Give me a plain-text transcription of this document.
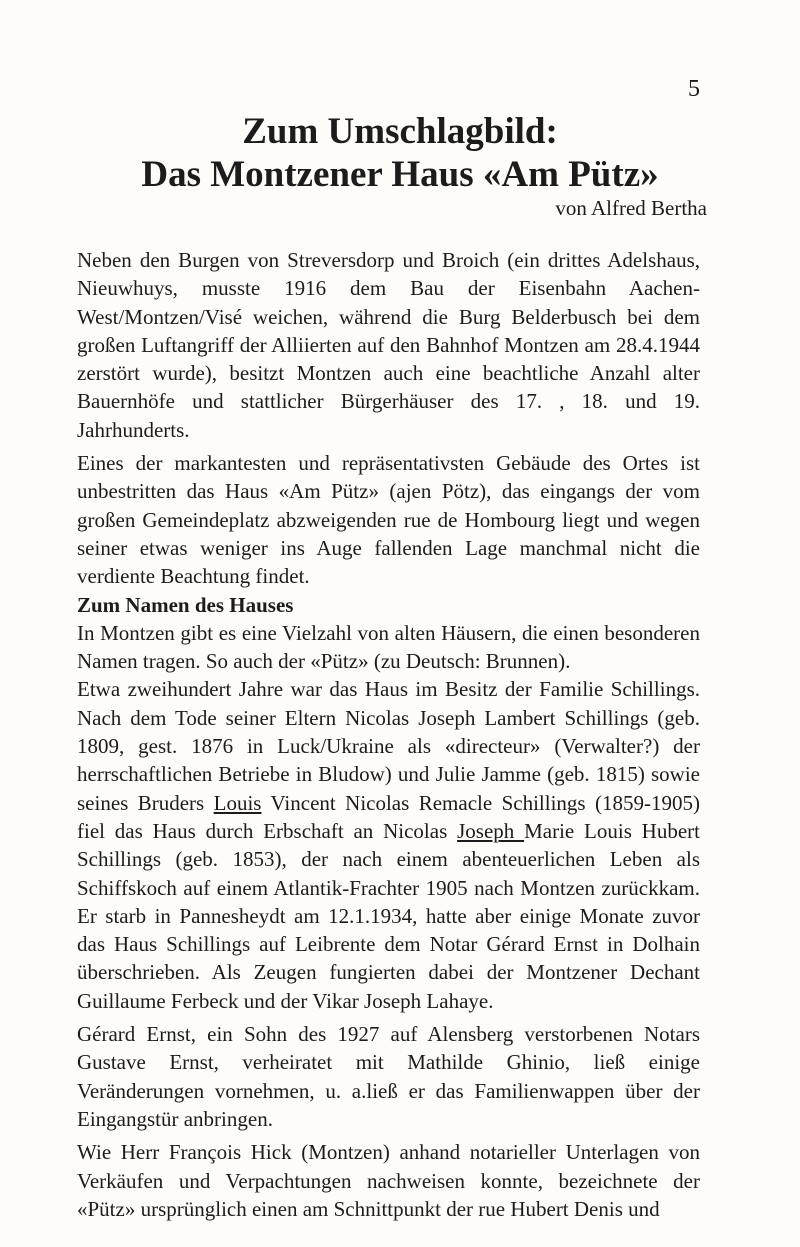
5
Zum Umschlagbild:
Das Montzener Haus «Am Pütz»
von Alfred Bertha

Neben den Burgen von Streversdorp und Broich (ein drittes Adelshaus, Nieuwhuys, musste 1916 dem Bau der Eisenbahn Aachen-West/Montzen/Visé weichen, während die Burg Belderbusch bei dem großen Luftangriff der Alliierten auf den Bahnhof Montzen am 28.4.1944 zerstört wurde), besitzt Montzen auch eine beachtliche Anzahl alter Bauernhöfe und stattlicher Bürgerhäuser des 17. , 18. und 19. Jahrhunderts.

Eines der markantesten und repräsentativsten Gebäude des Ortes ist unbestritten das Haus «Am Pütz» (ajen Pötz), das eingangs der vom großen Gemeindeplatz abzweigenden rue de Hombourg liegt und wegen seiner etwas weniger ins Auge fallenden Lage manchmal nicht die verdiente Beachtung findet.

Zum Namen des Hauses

In Montzen gibt es eine Vielzahl von alten Häusern, die einen besonderen Namen tragen. So auch der «Pütz» (zu Deutsch: Brunnen).

Etwa zweihundert Jahre war das Haus im Besitz der Familie Schillings. Nach dem Tode seiner Eltern Nicolas Joseph Lambert Schillings (geb. 1809, gest. 1876 in Luck/Ukraine als «directeur» (Verwalter?) der herrschaftlichen Betriebe in Bludow) und Julie Jamme (geb. 1815) sowie seines Bruders Louis Vincent Nicolas Remacle Schillings (1859-1905) fiel das Haus durch Erbschaft an Nicolas Joseph Marie Louis Hubert Schillings (geb. 1853), der nach einem abenteuerlichen Leben als Schiffskoch auf einem Atlantik-Frachter 1905 nach Montzen zurückkam. Er starb in Pannesheydt am 12.1.1934, hatte aber einige Monate zuvor das Haus Schillings auf Leibrente dem Notar Gérard Ernst in Dolhain überschrieben. Als Zeugen fungierten dabei der Montzener Dechant Guillaume Ferbeck und der Vikar Joseph Lahaye.

Gérard Ernst, ein Sohn des 1927 auf Alensberg verstorbenen Notars Gustave Ernst, verheiratet mit Mathilde Ghinio, ließ einige Veränderungen vornehmen, u. a.ließ er das Familienwappen über der Eingangstür anbringen.

Wie Herr François Hick (Montzen) anhand notarieller Unterlagen von Verkäufen und Verpachtungen nachweisen konnte, bezeichnete der «Pütz» ursprünglich einen am Schnittpunkt der rue Hubert Denis und
